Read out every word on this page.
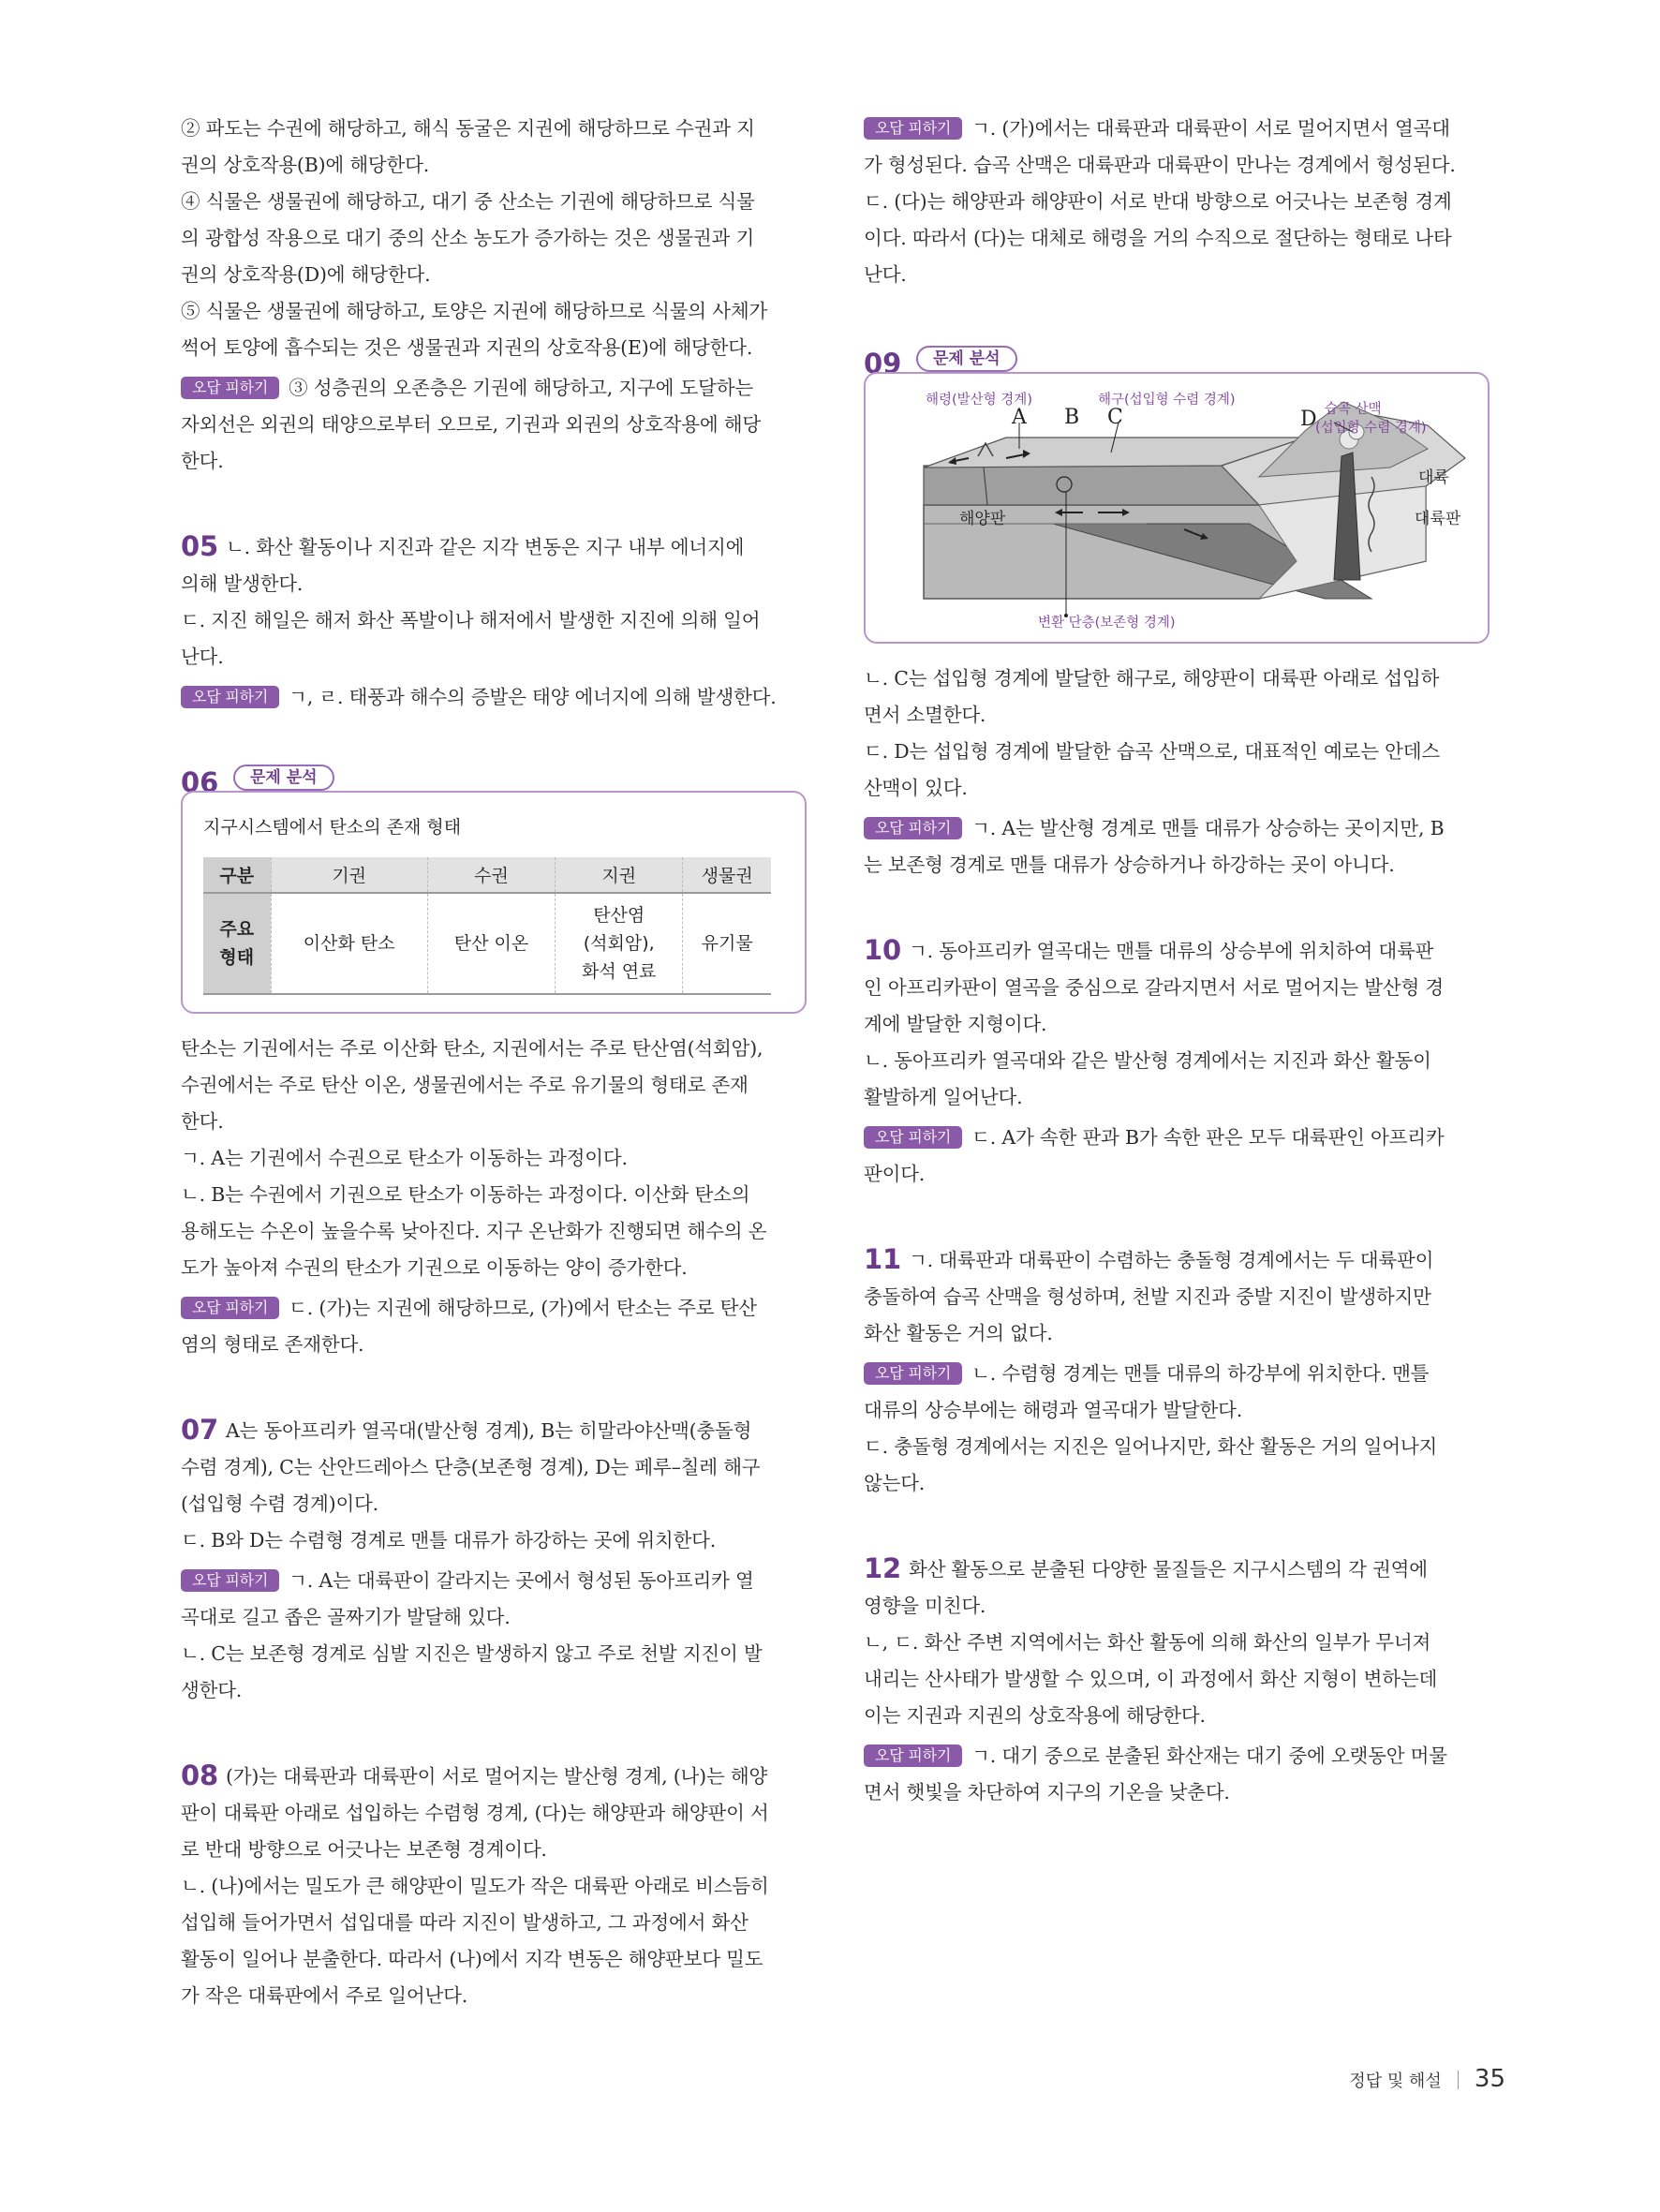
② 파도는 수권에 해당하고, 해식 동굴은 지권에 해당하므로 수권과 지

권의 상호작용(B)에 해당한다.

④ 식물은 생물권에 해당하고, 대기 중 산소는 기권에 해당하므로 식물

의 광합성 작용으로 대기 중의 산소 농도가 증가하는 것은 생물권과 기

권의 상호작용(D)에 해당한다.

⑤ 식물은 생물권에 해당하고, 토양은 지권에 해당하므로 식물의 사체가

썩어 토양에 흡수되는 것은 생물권과 지권의 상호작용(E)에 해당한다.

오답 피하기 ③ 성층권의 오존층은 기권에 해당하고, 지구에 도달하는

자외선은 외권의 태양으로부터 오므로, 기권과 외권의 상호작용에 해당

한다.

05 ㄴ. 화산 활동이나 지진과 같은 지각 변동은 지구 내부 에너지에

의해 발생한다.

ㄷ. 지진 해일은 해저 화산 폭발이나 해저에서 발생한 지진에 의해 일어

난다.

오답 피하기 ㄱ, ㄹ. 태풍과 해수의 증발은 태양 에너지에 의해 발생한다.

06	문제 분석
지구시스템에서 탄소의 존재 형태
구분	기권	수권	지권	생물권
주요
형태	이산화 탄소	탄산 이온	탄산염
(석회암),
화석 연료	유기물

탄소는 기권에서는 주로 이산화 탄소, 지권에서는 주로 탄산염(석회암),

수권에서는 주로 탄산 이온, 생물권에서는 주로 유기물의 형태로 존재

한다.

ㄱ. A는 기권에서 수권으로 탄소가 이동하는 과정이다.

ㄴ. B는 수권에서 기권으로 탄소가 이동하는 과정이다. 이산화 탄소의

용해도는 수온이 높을수록 낮아진다. 지구 온난화가 진행되면 해수의 온

도가 높아져 수권의 탄소가 기권으로 이동하는 양이 증가한다.

오답 피하기 ㄷ. (가)는 지권에 해당하므로, (가)에서 탄소는 주로 탄산

염의 형태로 존재한다.

07 A는 동아프리카 열곡대(발산형 경계), B는 히말라야산맥(충돌형

수렴 경계), C는 산안드레아스 단층(보존형 경계), D는 페루–칠레 해구

(섭입형 수렴 경계)이다.

ㄷ. B와 D는 수렴형 경계로 맨틀 대류가 하강하는 곳에 위치한다.

오답 피하기 ㄱ. A는 대륙판이 갈라지는 곳에서 형성된 동아프리카 열

곡대로 길고 좁은 골짜기가 발달해 있다.

ㄴ. C는 보존형 경계로 심발 지진은 발생하지 않고 주로 천발 지진이 발

생한다.

08 (가)는 대륙판과 대륙판이 서로 멀어지는 발산형 경계, (나)는 해양

판이 대륙판 아래로 섭입하는 수렴형 경계, (다)는 해양판과 해양판이 서

로 반대 방향으로 어긋나는 보존형 경계이다.

ㄴ. (나)에서는 밀도가 큰 해양판이 밀도가 작은 대륙판 아래로 비스듬히

섭입해 들어가면서 섭입대를 따라 지진이 발생하고, 그 과정에서 화산

활동이 일어나 분출한다. 따라서 (나)에서 지각 변동은 해양판보다 밀도

가 작은 대륙판에서 주로 일어난다.

오답 피하기 ㄱ. (가)에서는 대륙판과 대륙판이 서로 멀어지면서 열곡대

가 형성된다. 습곡 산맥은 대륙판과 대륙판이 만나는 경계에서 형성된다.

ㄷ. (다)는 해양판과 해양판이 서로 반대 방향으로 어긋나는 보존형 경계

이다. 따라서 (다)는 대체로 해령을 거의 수직으로 절단하는 형태로 나타

난다.

09	문제 분석
해령(발산형 경계)	해구(섭입형 수렴 경계)
습곡 산맥
(섭입형 수렴 경계)
변환 단층(보존형 경계)
A B C	D
대륙
대륙판
해양판

ㄴ. C는 섭입형 경계에 발달한 해구로, 해양판이 대륙판 아래로 섭입하

면서 소멸한다.

ㄷ. D는 섭입형 경계에 발달한 습곡 산맥으로, 대표적인 예로는 안데스

산맥이 있다.

오답 피하기 ㄱ. A는 발산형 경계로 맨틀 대류가 상승하는 곳이지만, B

는 보존형 경계로 맨틀 대류가 상승하거나 하강하는 곳이 아니다.

10 ㄱ. 동아프리카 열곡대는 맨틀 대류의 상승부에 위치하여 대륙판

인 아프리카판이 열곡을 중심으로 갈라지면서 서로 멀어지는 발산형 경

계에 발달한 지형이다.

ㄴ. 동아프리카 열곡대와 같은 발산형 경계에서는 지진과 화산 활동이

활발하게 일어난다.

오답 피하기 ㄷ. A가 속한 판과 B가 속한 판은 모두 대륙판인 아프리카

판이다.

11 ㄱ. 대륙판과 대륙판이 수렴하는 충돌형 경계에서는 두 대륙판이

충돌하여 습곡 산맥을 형성하며, 천발 지진과 중발 지진이 발생하지만

화산 활동은 거의 없다.

오답 피하기 ㄴ. 수렴형 경계는 맨틀 대류의 하강부에 위치한다. 맨틀

대류의 상승부에는 해령과 열곡대가 발달한다.

ㄷ. 충돌형 경계에서는 지진은 일어나지만, 화산 활동은 거의 일어나지

않는다.

12 화산 활동으로 분출된 다양한 물질들은 지구시스템의 각 권역에

영향을 미친다.

ㄴ, ㄷ. 화산 주변 지역에서는 화산 활동에 의해 화산의 일부가 무너져

내리는 산사태가 발생할 수 있으며, 이 과정에서 화산 지형이 변하는데

이는 지권과 지권의 상호작용에 해당한다.

오답 피하기 ㄱ. 대기 중으로 분출된 화산재는 대기 중에 오랫동안 머물

면서 햇빛을 차단하여 지구의 기온을 낮춘다.

정답 및 해설 35
